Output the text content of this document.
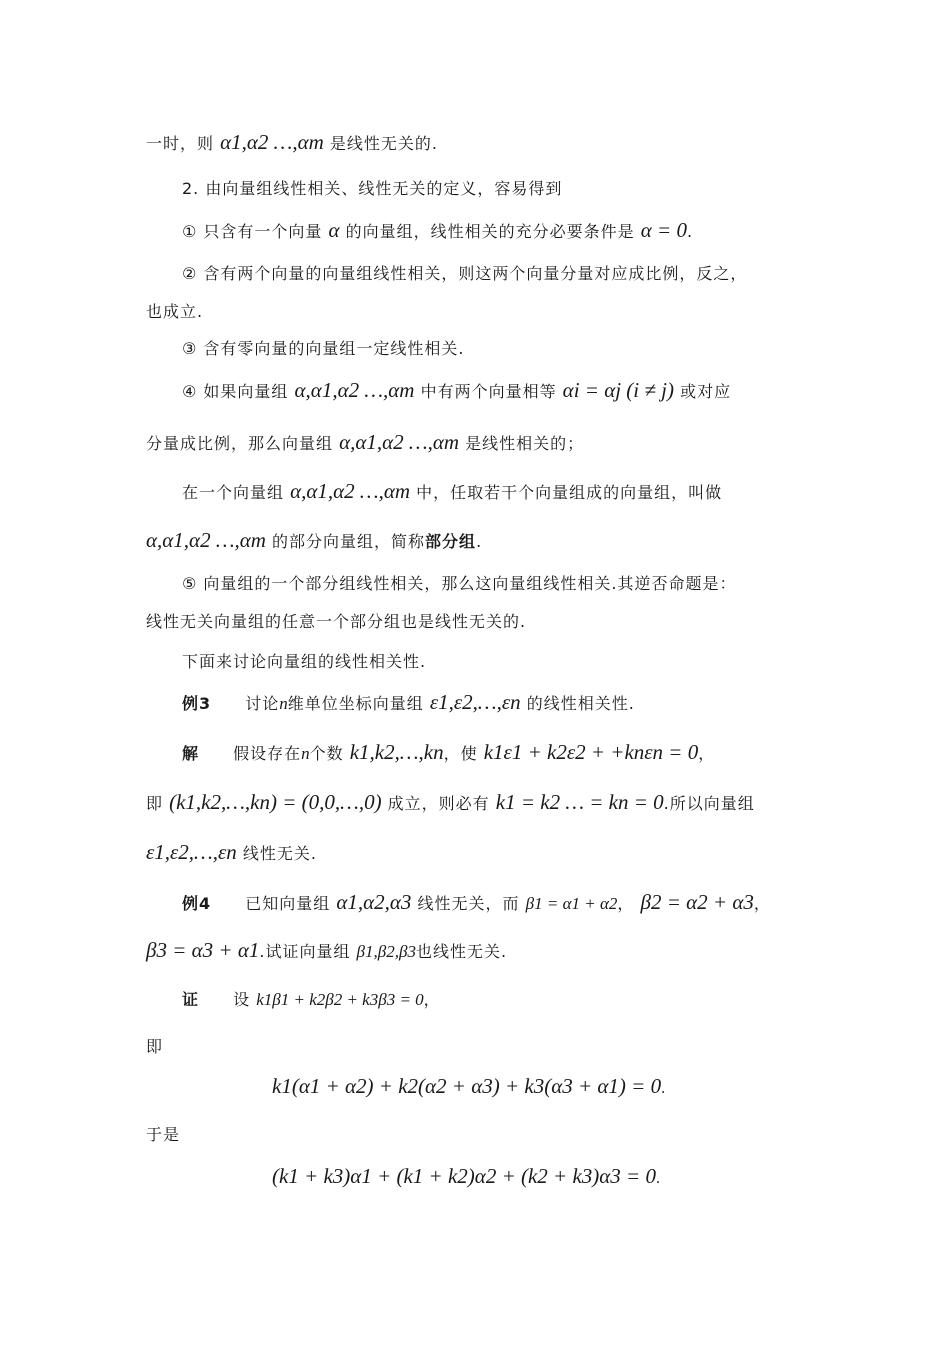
一时，则 α1,α2 …,αm 是线性无关的.
2. 由向量组线性相关、线性无关的定义，容易得到
① 只含有一个向量 α 的向量组，线性相关的充分必要条件是 α = 0.
② 含有两个向量的向量组线性相关，则这两个向量分量对应成比例，反之，
也成立.
③ 含有零向量的向量组一定线性相关.
④ 如果向量组 α,α1,α2 …,αm 中有两个向量相等 αi = αj (i ≠ j) 或对应
分量成比例，那么向量组 α,α1,α2 …,αm 是线性相关的；
在一个向量组 α,α1,α2 …,αm 中，任取若干个向量组成的向量组，叫做
α,α1,α2 …,αm 的部分向量组，简称部分组.
⑤ 向量组的一个部分组线性相关，那么这向量组线性相关.其逆否命题是：
线性无关向量组的任意一个部分组也是线性无关的.
下面来讨论向量组的线性相关性.
例3 讨论n维单位坐标向量组 ε1,ε2,…,εn 的线性相关性.
解 假设存在n个数 k1,k2,…,kn，使 k1ε1 + k2ε2 + +knεn = 0，
即 (k1,k2,…,kn) = (0,0,…,0) 成立，则必有 k1 = k2 … = kn = 0.所以向量组
ε1,ε2,…,εn 线性无关.
例4 已知向量组 α1,α2,α3 线性无关，而 β1 = α1 + α2， β2 = α2 + α3，
β3 = α3 + α1.试证向量组 β1,β2,β3也线性无关.
证 设 k1β1 + k2β2 + k3β3 = 0，
即
k1(α1 + α2) + k2(α2 + α3) + k3(α3 + α1) = 0.
于是
(k1 + k3)α1 + (k1 + k2)α2 + (k2 + k3)α3 = 0.
